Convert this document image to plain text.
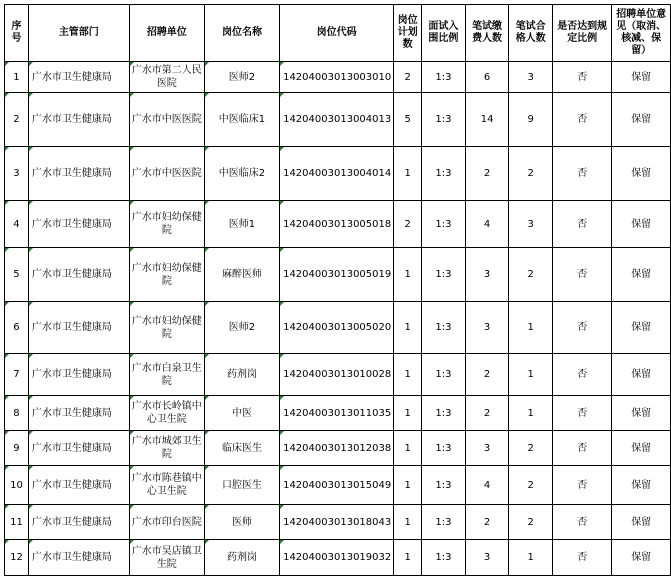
序号	主管部门	招聘单位	岗位名称	岗位代码	岗位计划数	面试入围比例	笔试缴费人数	笔试合格人数	是否达到规定比例	招聘单位意见（取消、核减、保留）
1	广水市卫生健康局	广水市第二人民医院	医师2	14204003013003010	2	1:3	6	3	否	保留
2	广水市卫生健康局	广水市中医医院	中医临床1	14204003013004013	5	1:3	14	9	否	保留
3	广水市卫生健康局	广水市中医医院	中医临床2	14204003013004014	1	1:3	2	2	否	保留
4	广水市卫生健康局	广水市妇幼保健院	医师1	14204003013005018	2	1:3	4	3	否	保留
5	广水市卫生健康局	广水市妇幼保健院	麻醉医师	14204003013005019	1	1:3	3	2	否	保留
6	广水市卫生健康局	广水市妇幼保健院	医师2	14204003013005020	1	1:3	3	1	否	保留
7	广水市卫生健康局	广水市白泉卫生院	药剂岗	14204003013010028	1	1:3	2	1	否	保留
8	广水市卫生健康局	广水市长岭镇中心卫生院	中医	14204003013011035	1	1:3	2	1	否	保留
9	广水市卫生健康局	广水市城郊卫生院	临床医生	14204003013012038	1	1:3	3	2	否	保留
10	广水市卫生健康局	广水市陈巷镇中心卫生院	口腔医生	14204003013015049	1	1:3	4	2	否	保留
11	广水市卫生健康局	广水市印台医院	医师	14204003013018043	1	1:3	2	2	否	保留
12	广水市卫生健康局	广水市吴店镇卫生院	药剂岗	14204003013019032	1	1:3	3	1	否	保留
